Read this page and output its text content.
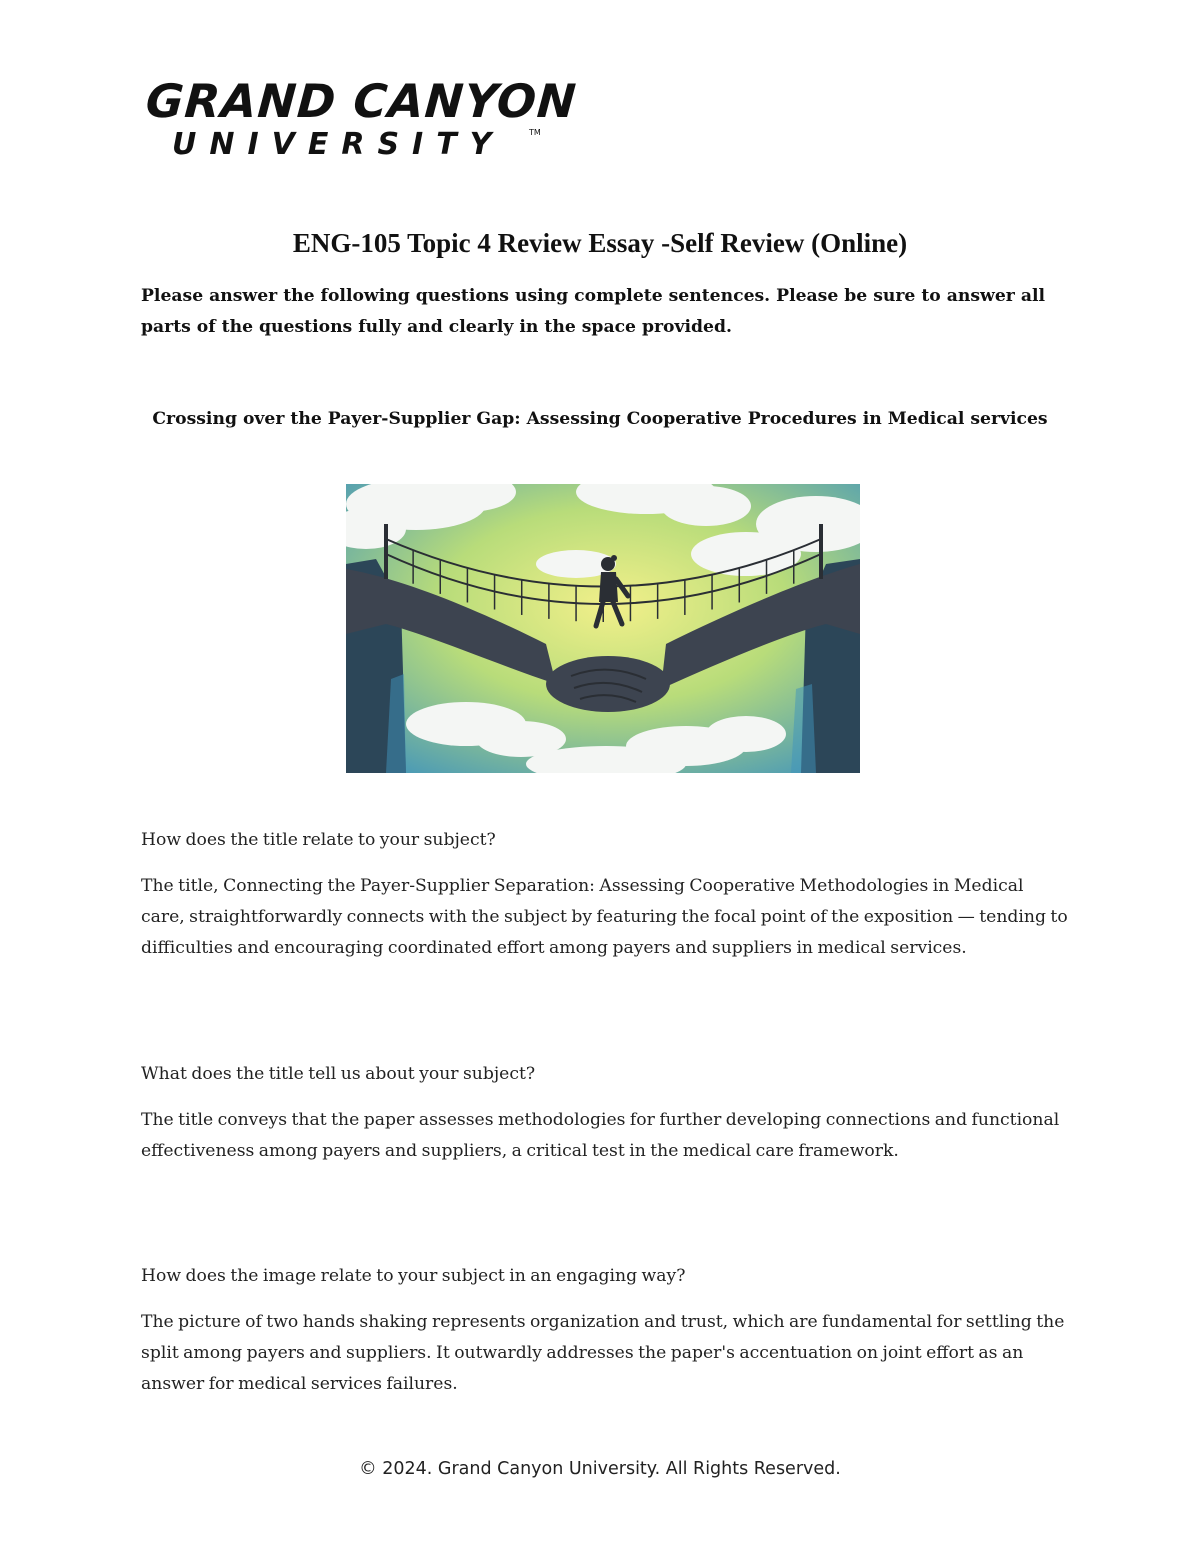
GRAND CANYON
UNIVERSITY	TM
ENG-105 Topic 4 Review Essay -Self Review (Online)

Please answer the following questions using complete sentences. Please be sure to answer all parts of the questions fully and clearly in the space provided.

Crossing over the Payer-Supplier Gap: Assessing Cooperative Procedures in Medical services

How does the title relate to your subject?

The title, Connecting the Payer-Supplier Separation: Assessing Cooperative Methodologies in Medical care, straightforwardly connects with the subject by featuring the focal point of the exposition — tending to difficulties and encouraging coordinated effort among payers and suppliers in medical services.

What does the title tell us about your subject?

The title conveys that the paper assesses methodologies for further developing connections and functional effectiveness among payers and suppliers, a critical test in the medical care framework.

How does the image relate to your subject in an engaging way?

The picture of two hands shaking represents organization and trust, which are fundamental for settling the split among payers and suppliers. It outwardly addresses the paper's accentuation on joint effort as an answer for medical services failures.

© 2024. Grand Canyon University. All Rights Reserved.
